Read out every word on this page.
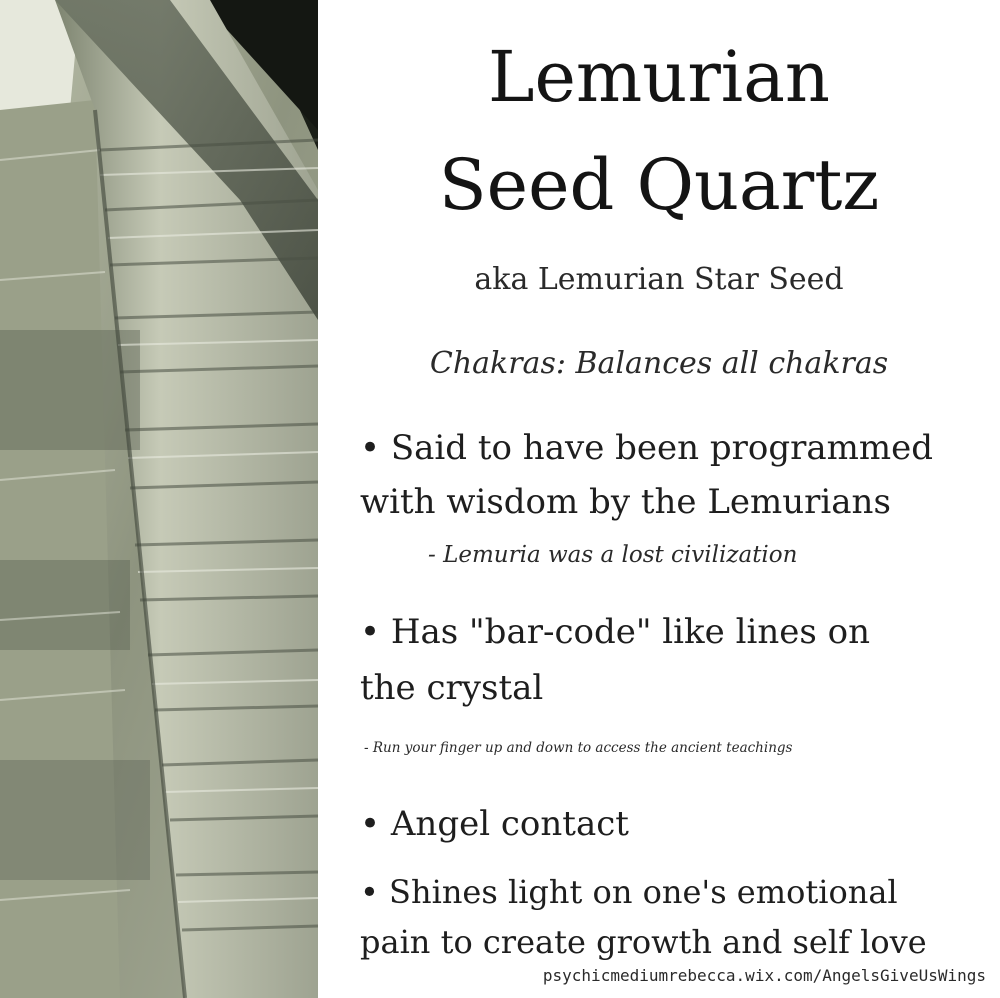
Lemurian
Seed Quartz
aka Lemurian Star Seed
Chakras: Balances all chakras
• Said to have been programmed
with wisdom by the Lemurians
- Lemuria was a lost civilization
• Has "bar-code" like lines on
the crystal
- Run your finger up and down to access the ancient teachings
• Angel contact
• Shines light on one's emotional
pain to create growth and self love
psychicmediumrebecca.wix.com/AngelsGiveUsWings
